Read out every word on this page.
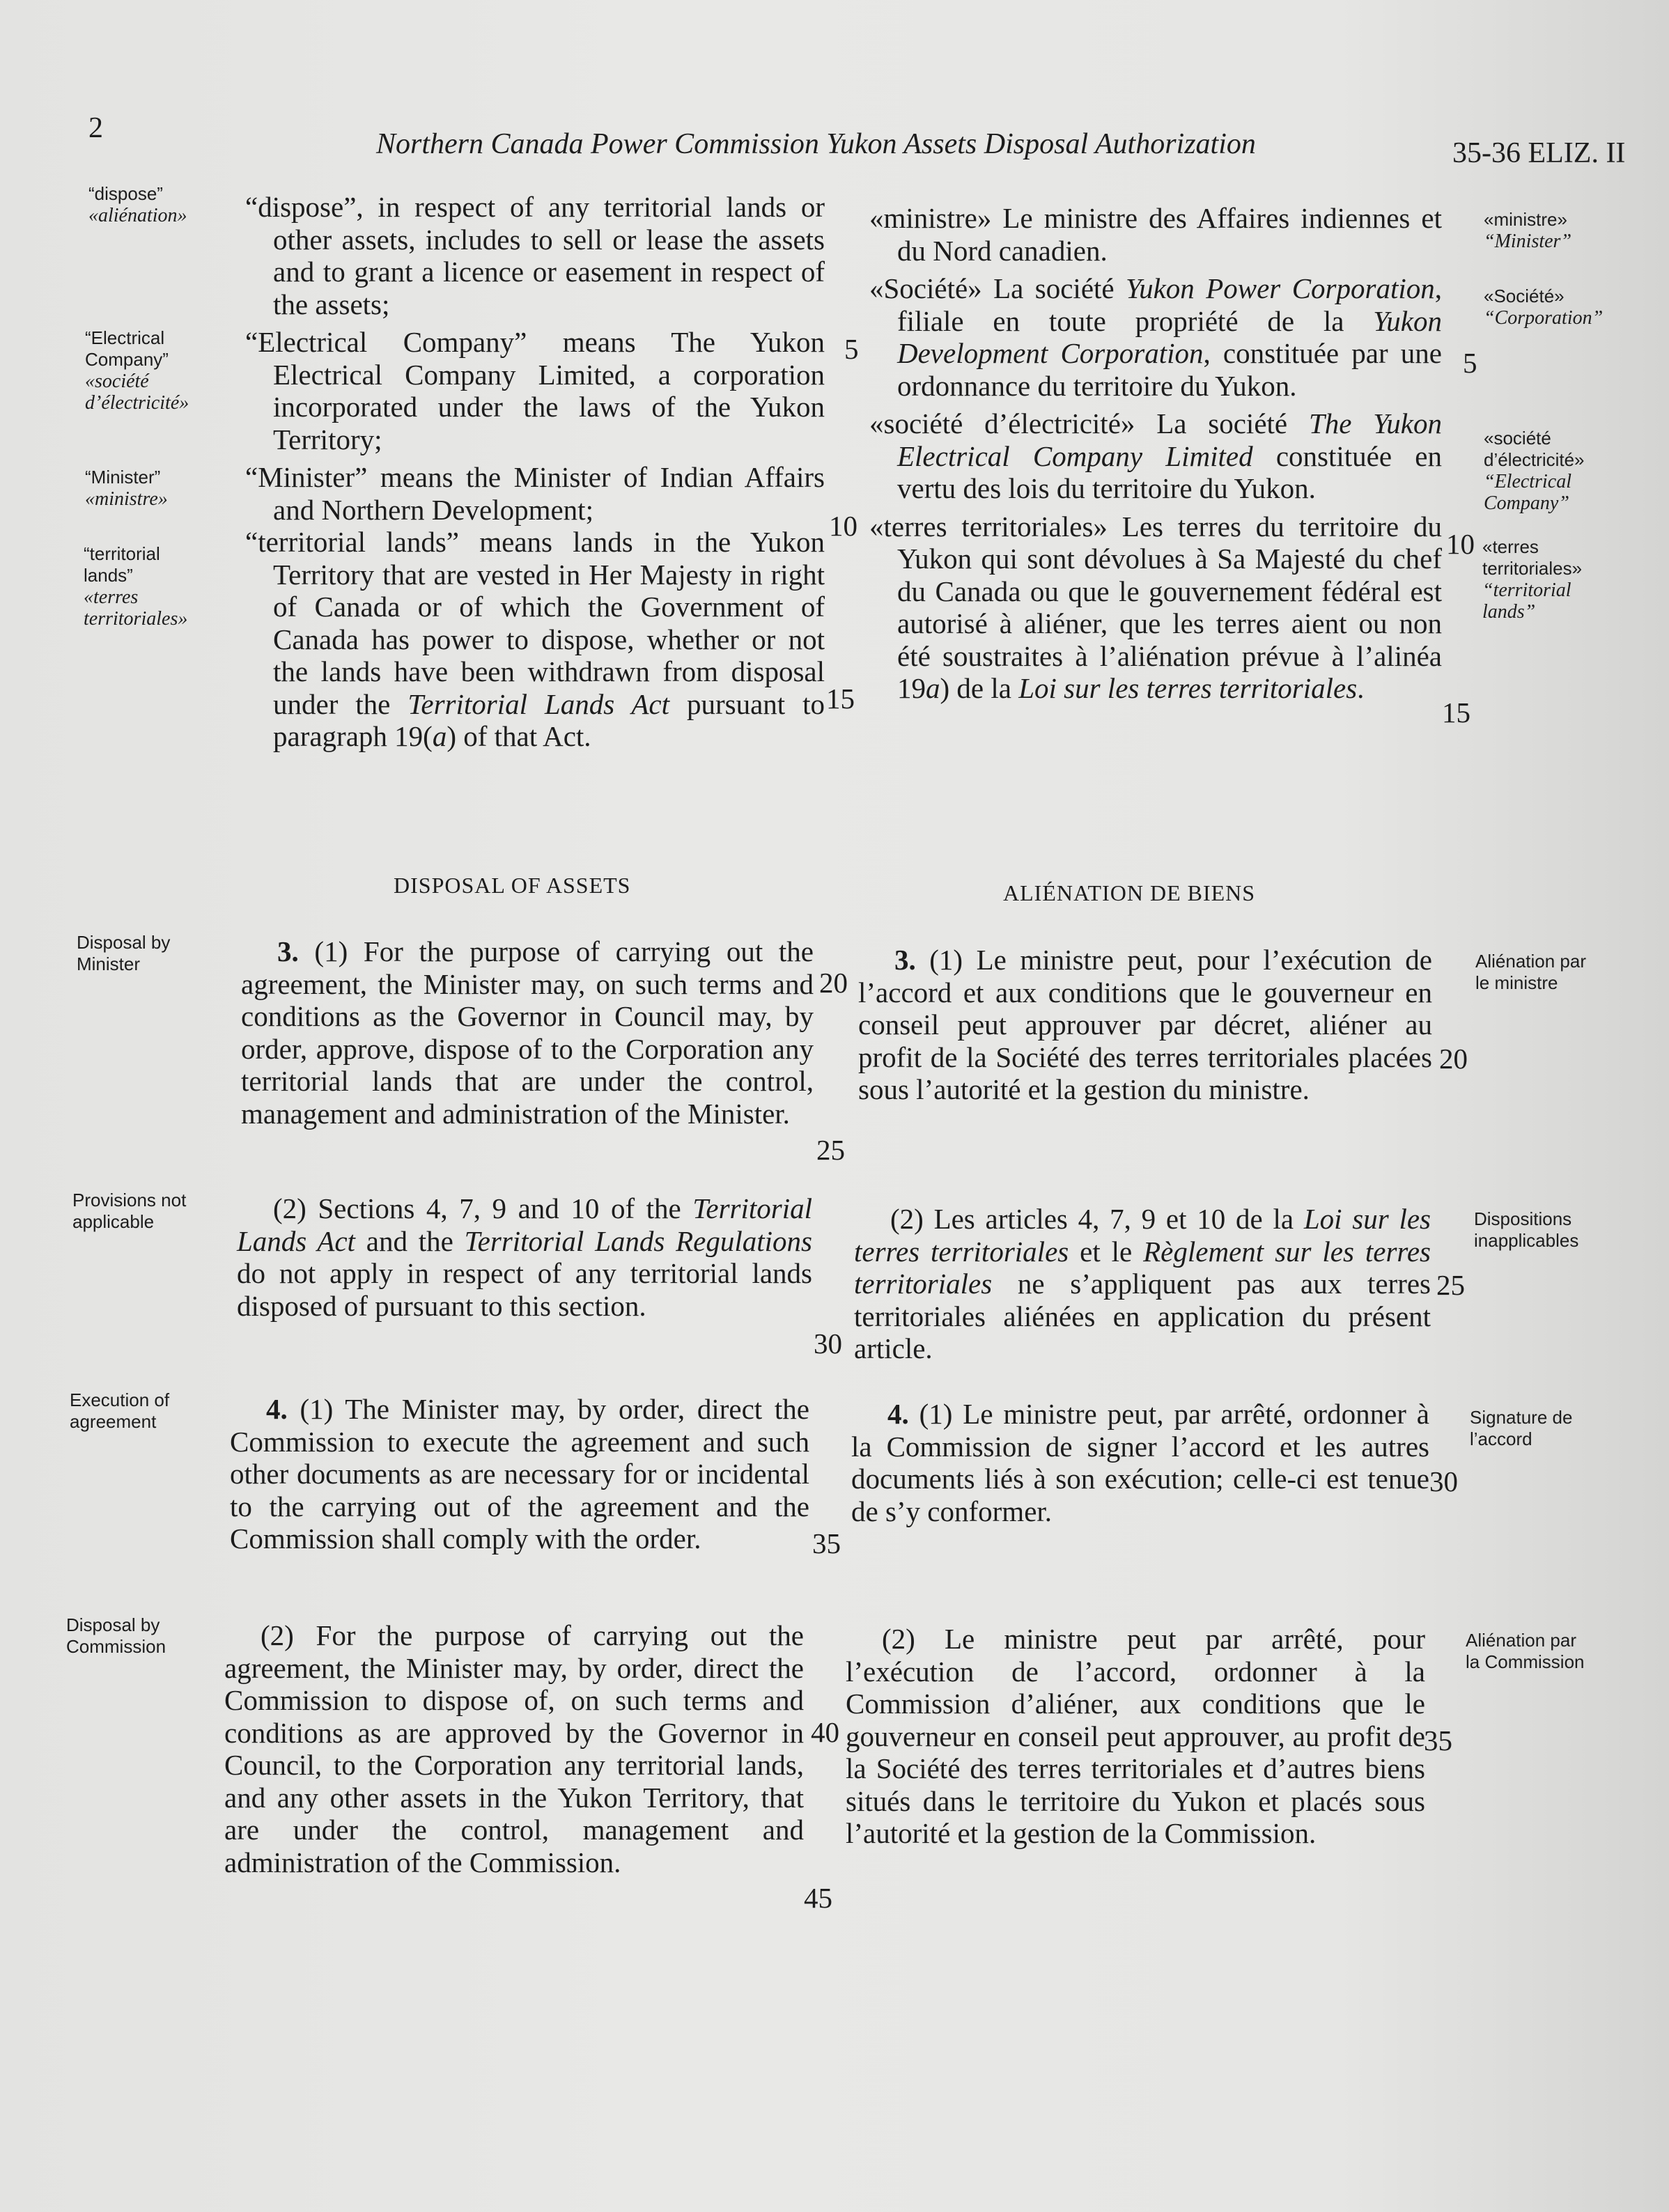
2	Northern Canada Power Commission Yukon Assets Disposal Authorization	35-36 ELIZ. II
“dispose”
«aliénation»
“Electrical
Company”
«société
d’électricité»
“Minister”
«ministre»
“territorial
lands”
«terres
territoriales»
Disposal by
Minister
Provisions not
applicable
Execution of
agreement
Disposal by
Commission

“dispose”, in respect of any territorial lands or other assets, includes to sell or lease the assets and to grant a licence or easement in respect of the assets;

“Electrical Company” means The Yukon Electrical Company Limited, a corporation incorporated under the laws of the Yukon Territory;

“Minister” means the Minister of Indian Affairs and Northern Development;

“territorial lands” means lands in the Yukon Territory that are vested in Her Majesty in right of Canada or of which the Government of Canada has power to dispose, whether or not the lands have been withdrawn from disposal under the Territorial Lands Act pursuant to paragraph 19(a) of that Act.

«ministre» Le ministre des Affaires indiennes et du Nord canadien.

«Société» La société Yukon Power Corporation, filiale en toute propriété de la Yukon Development Corporation, constituée par une ordonnance du territoire du Yukon.

«société d’électricité» La société The Yukon Electrical Company Limited constituée en vertu des lois du territoire du Yukon.

«terres territoriales» Les terres du territoire du Yukon qui sont dévolues à Sa Majesté du chef du Canada ou que le gouvernement fédéral est autorisé à aliéner, que les terres aient ou non été soustraites à l’aliénation prévue à l’alinéa 19a) de la Loi sur les terres territoriales.

«ministre»
“Minister”
«Société»
“Corporation”
«société
d’électricité»
“Electrical
Company”
«terres
territoriales»
“territorial
lands”
Aliénation par
le ministre
Dispositions
inapplicables
Signature de
l’accord
Aliénation par
la Commission
DISPOSAL OF ASSETS	ALIÉNATION DE BIENS

3. (1) For the purpose of carrying out the agreement, the Minister may, on such terms and conditions as the Governor in Council may, by order, approve, dispose of to the Corporation any territorial lands that are under the control, management and administration of the Minister.

(2) Sections 4, 7, 9 and 10 of the Territorial Lands Act and the Territorial Lands Regulations do not apply in respect of any territorial lands disposed of pursuant to this section.

4. (1) The Minister may, by order, direct the Commission to execute the agreement and such other documents as are necessary for or incidental to the carrying out of the agreement and the Commission shall comply with the order.

(2) For the purpose of carrying out the agreement, the Minister may, by order, direct the Commission to dispose of, on such terms and conditions as are approved by the Governor in Council, to the Corporation any territorial lands, and any other assets in the Yukon Territory, that are under the control, management and administration of the Commission.

3. (1) Le ministre peut, pour l’exécution de l’accord et aux conditions que le gouverneur en conseil peut approuver par décret, aliéner au profit de la Société des terres territoriales placées sous l’autorité et la gestion du ministre.

(2) Les articles 4, 7, 9 et 10 de la Loi sur les terres territoriales et le Règlement sur les terres territoriales ne s’appliquent pas aux terres territoriales aliénées en application du présent article.

4. (1) Le ministre peut, par arrêté, ordonner à la Commission de signer l’accord et les autres documents liés à son exécution; celle-ci est tenue de s’y conformer.

(2) Le ministre peut par arrêté, pour l’exécution de l’accord, ordonner à la Commission d’aliéner, aux conditions que le gouverneur en conseil peut approuver, au profit de la Société des terres territoriales et d’autres biens situés dans le territoire du Yukon et placés sous l’autorité et la gestion de la Commission.

5
10
15
20
25
30
35
40
45
5
10
15
20
25
30
35
